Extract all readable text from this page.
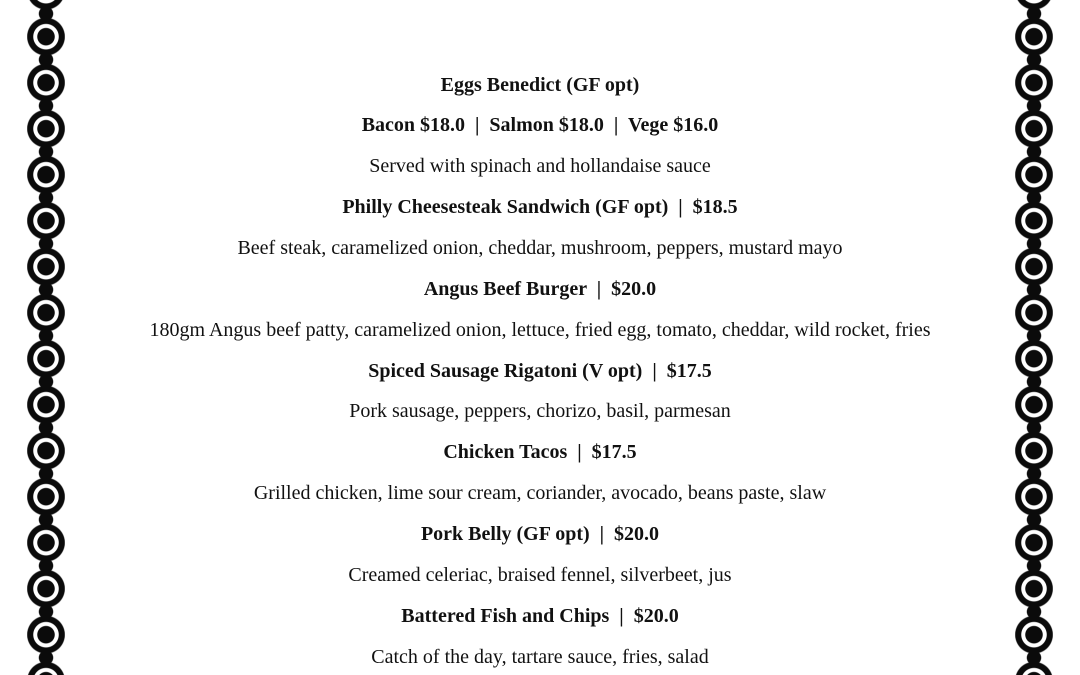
Eggs Benedict (GF opt)
Bacon $18.0  |  Salmon $18.0  |  Vege $16.0
Served with spinach and hollandaise sauce
Philly Cheesesteak Sandwich (GF opt)  |  $18.5
Beef steak, caramelized onion, cheddar, mushroom, peppers, mustard mayo
Angus Beef Burger  |  $20.0
180gm Angus beef patty, caramelized onion, lettuce, fried egg, tomato, cheddar, wild rocket, fries
Spiced Sausage Rigatoni (V opt)  |  $17.5
Pork sausage, peppers, chorizo, basil, parmesan
Chicken Tacos  |  $17.5
Grilled chicken, lime sour cream, coriander, avocado, beans paste, slaw
Pork Belly (GF opt)  |  $20.0
Creamed celeriac, braised fennel, silverbeet, jus
Battered Fish and Chips  |  $20.0
Catch of the day, tartare sauce, fries, salad
